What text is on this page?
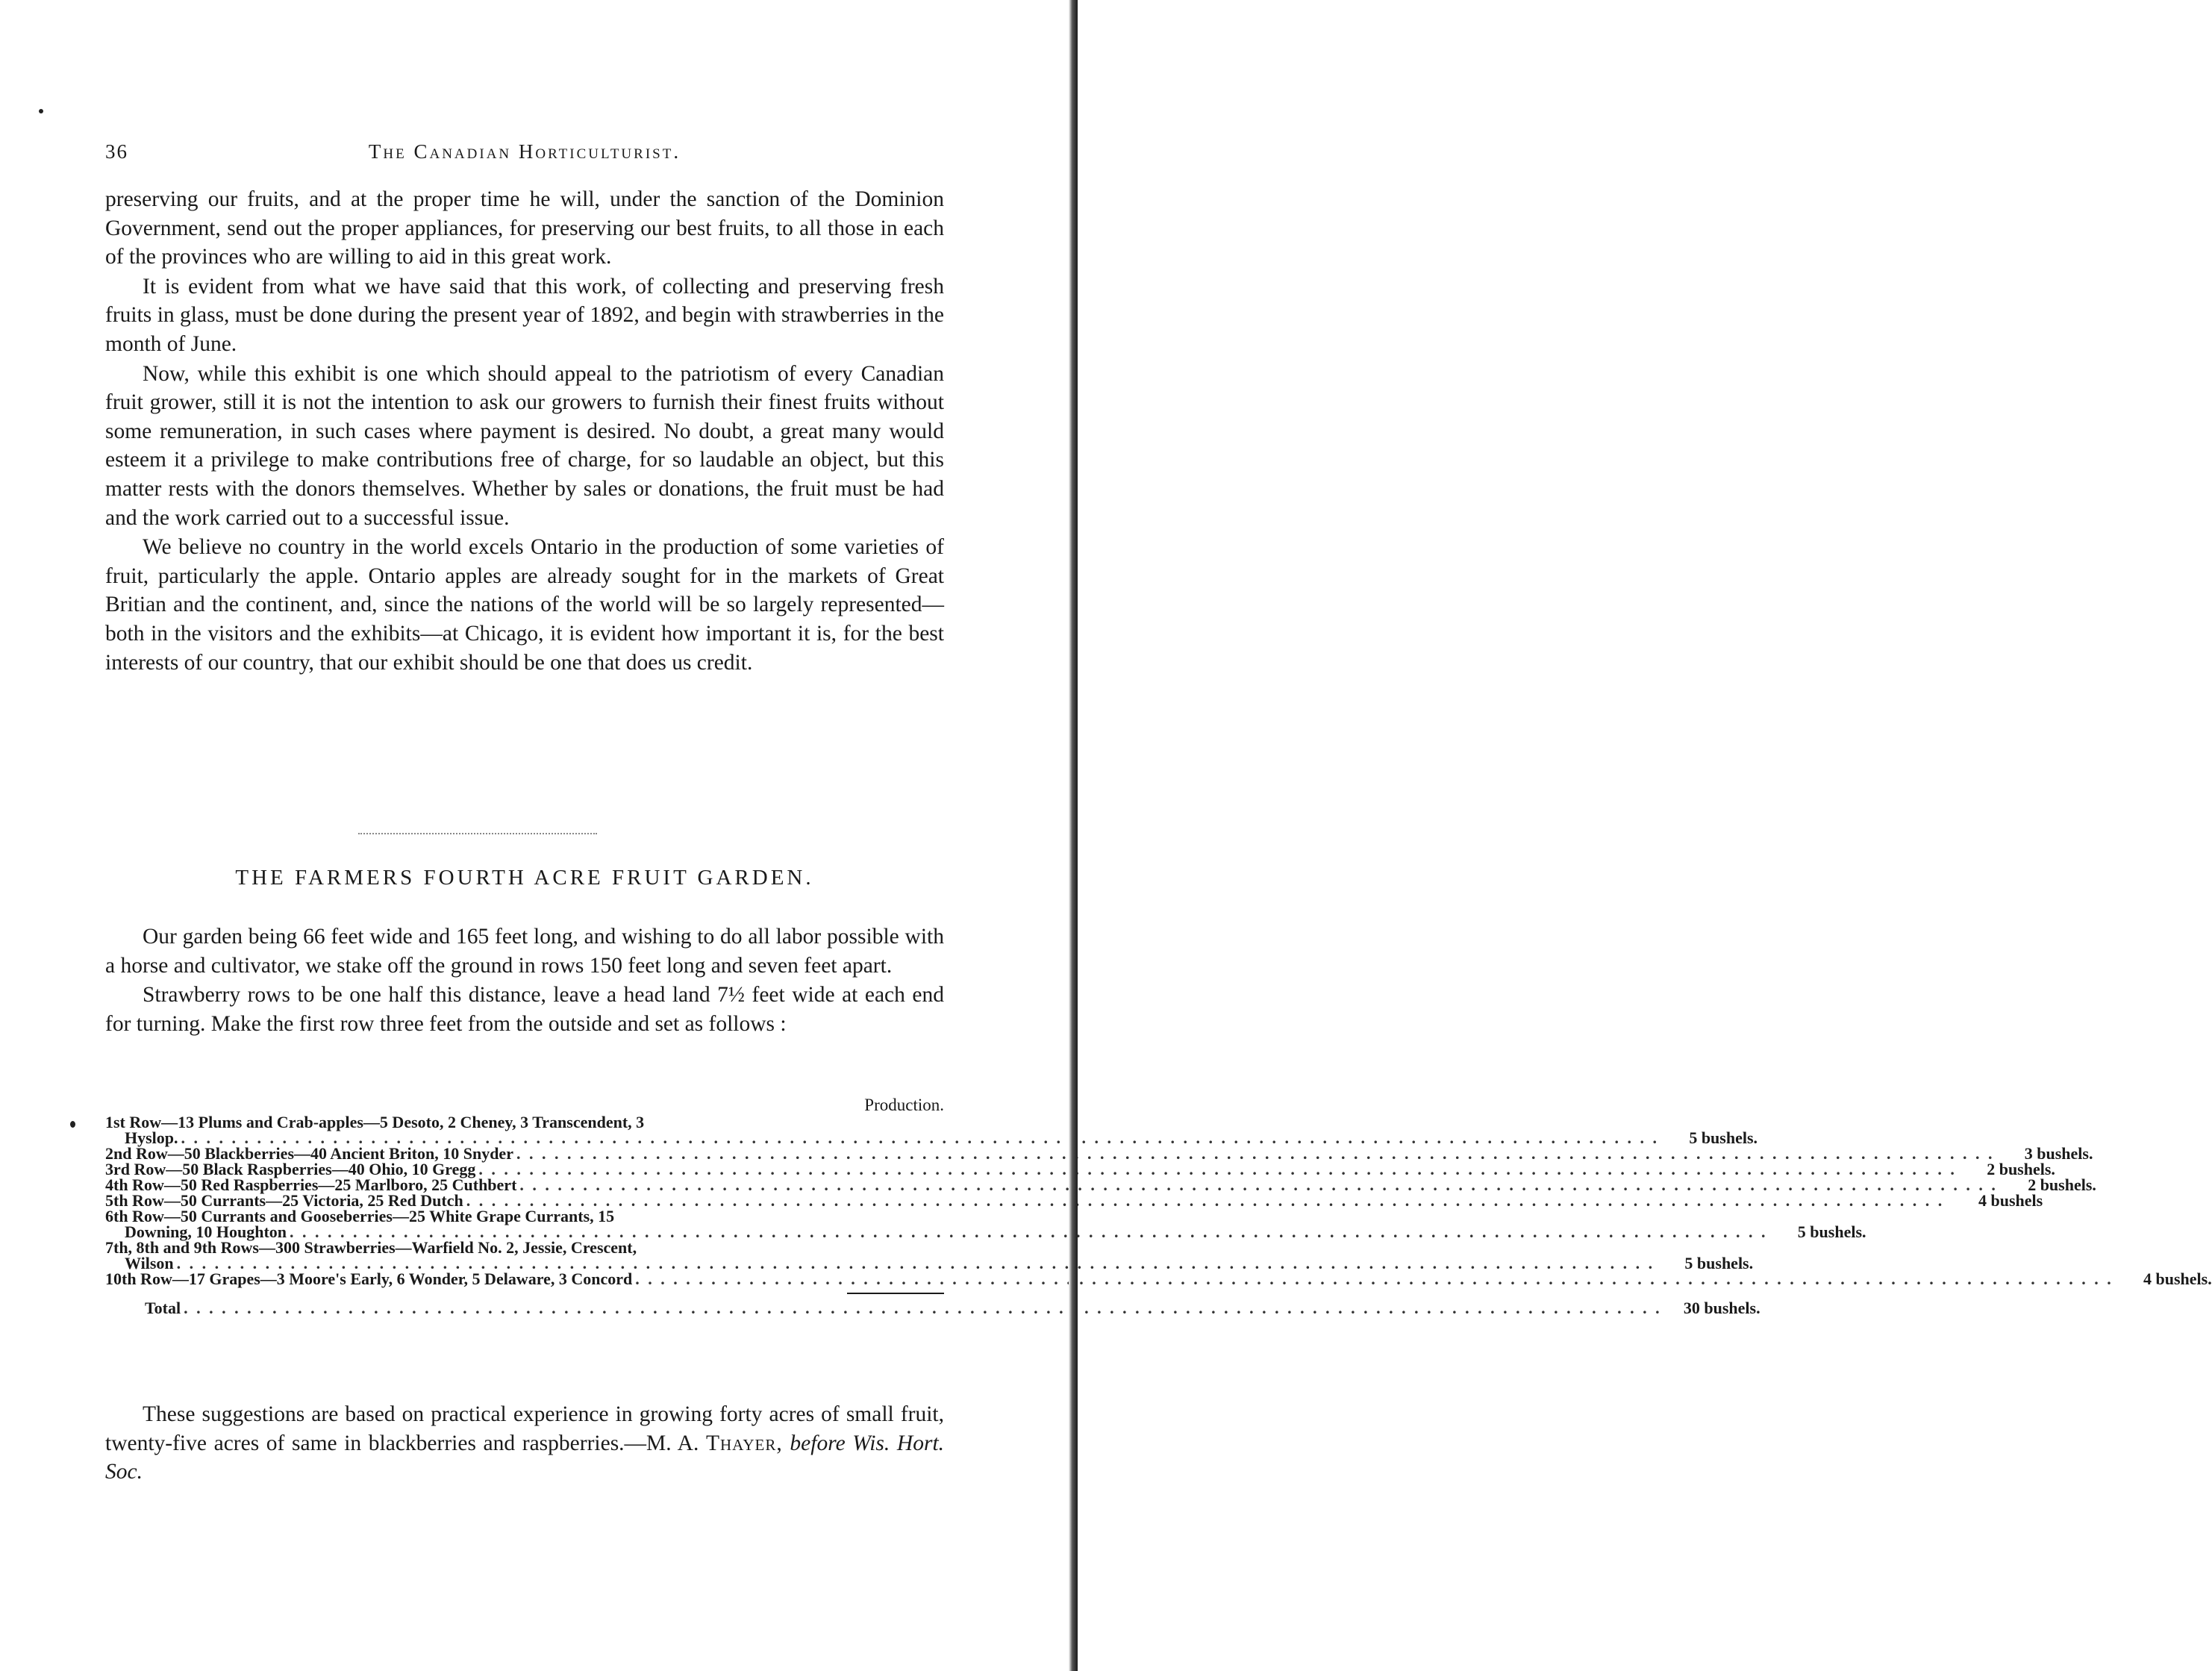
36	The Canadian Horticulturist.

preserving our fruits, and at the proper time he will, under the sanction of the Dominion Government, send out the proper appliances, for preserving our best fruits, to all those in each of the provinces who are willing to aid in this great work.

It is evident from what we have said that this work, of collecting and preserving fresh fruits in glass, must be done during the present year of 1892, and begin with strawberries in the month of June.

Now, while this exhibit is one which should appeal to the patriotism of every Canadian fruit grower, still it is not the intention to ask our growers to furnish their finest fruits without some remuneration, in such cases where payment is desired. No doubt, a great many would esteem it a privilege to make contributions free of charge, for so laudable an object, but this matter rests with the donors themselves. Whether by sales or donations, the fruit must be had and the work carried out to a successful issue.

We believe no country in the world excels Ontario in the production of some varieties of fruit, particularly the apple. Ontario apples are already sought for in the markets of Great Britian and the continent, and, since the nations of the world will be so largely represented—both in the visitors and the exhibits—at Chicago, it is evident how important it is, for the best interests of our country, that our exhibit should be one that does us credit.

THE FARMERS FOURTH ACRE FRUIT GARDEN.

Our garden being 66 feet wide and 165 feet long, and wishing to do all labor possible with a horse and cultivator, we stake off the ground in rows 150 feet long and seven feet apart.

Strawberry rows to be one half this distance, leave a head land 7½ feet wide at each end for turning. Make the first row three feet from the outside and set as follows :

Production.
1st Row—13 Plums and Crab-apples—5 Desoto, 2 Cheney, 3 Transcendent, 3
Hyslop. . . .	5 bushels.
2nd Row—50 Blackberries—40 Ancient Briton, 10 Snyder . . .	3 bushels.
3rd Row—50 Black Raspberries—40 Ohio, 10 Gregg . . .	2 bushels.
4th Row—50 Red Raspberries—25 Marlboro, 25 Cuthbert . . .	2 bushels.
5th Row—50 Currants—25 Victoria, 25 Red Dutch . . .	4 bushels
6th Row—50 Currants and Gooseberries—25 White Grape Currants, 15
Downing, 10 Houghton . . .	5 bushels.
7th, 8th and 9th Rows—300 Strawberries—Warfield No. 2, Jessie, Crescent,
Wilson . . .	5 bushels.
10th Row—17 Grapes—3 Moore's Early, 6 Wonder, 5 Delaware, 3 Concord . . .	4 bushels.
Total . . .	30 bushels.

These suggestions are based on practical experience in growing forty acres of small fruit, twenty-five acres of same in blackberries and raspberries.—M. A. Thayer, before Wis. Hort. Soc.
